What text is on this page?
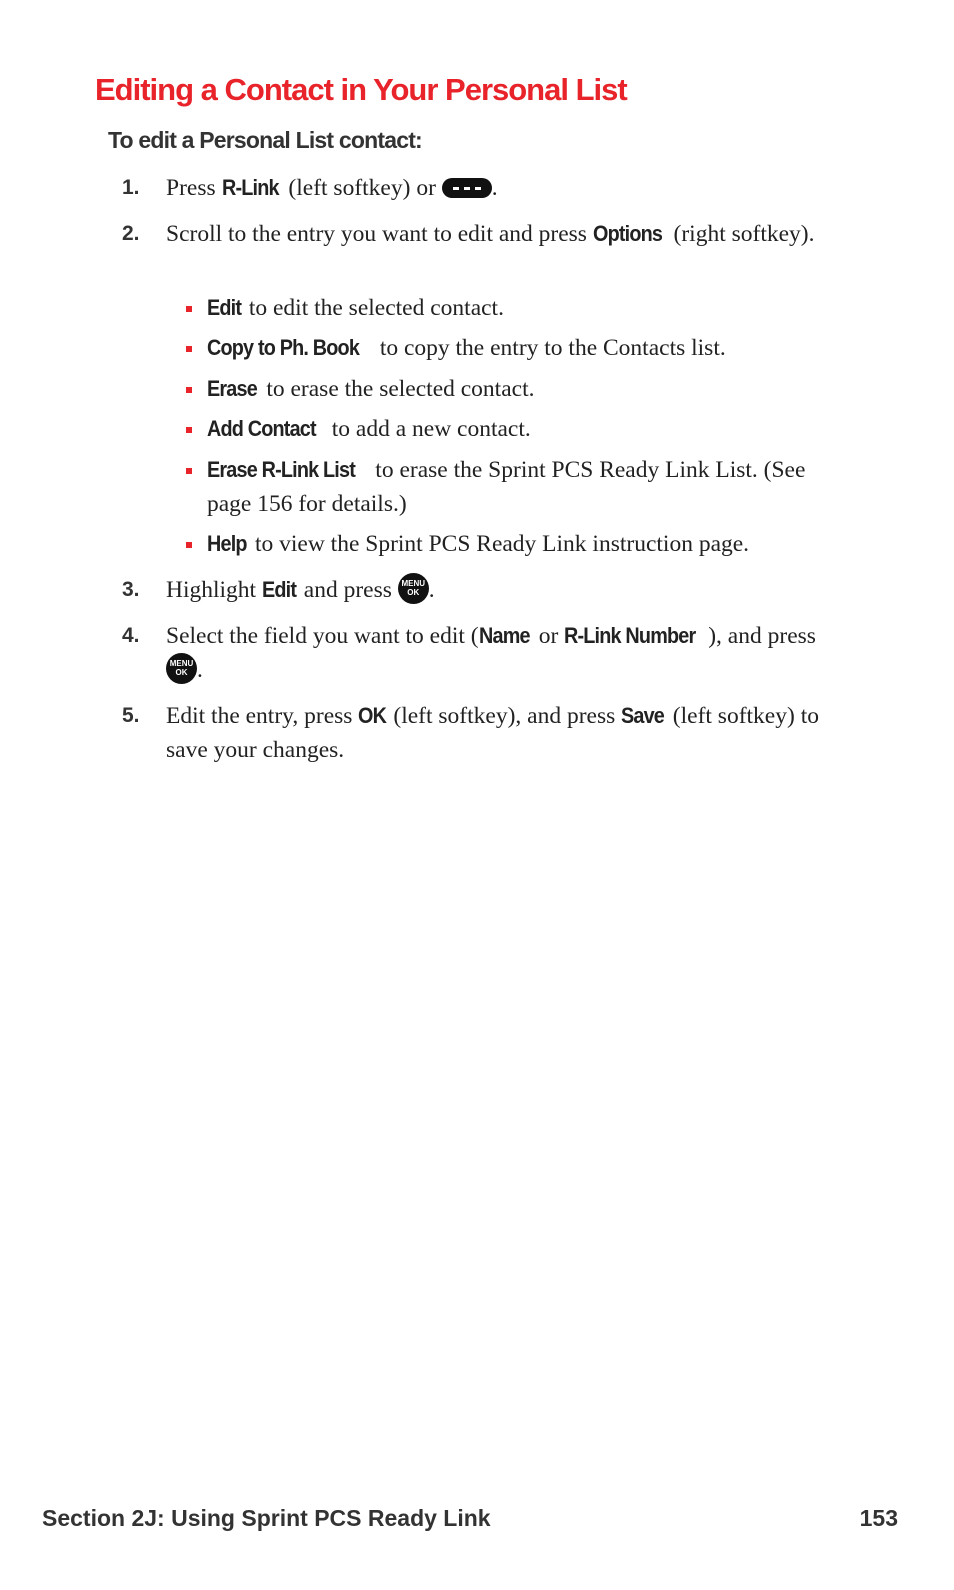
Editing a Contact in Your Personal List
To edit a Personal List contact:
1. Press R-Link (left softkey) or
.
2. Scroll to the entry you want to edit and press Options (right softkey).
Edit to edit the selected contact.
Copy to Ph. Book to copy the entry to the Contacts list.
Erase to erase the selected contact.
Add Contact to add a new contact.
Erase R-Link List to erase the Sprint PCS Ready Link List. (See page 156 for details.)
Help to view the Sprint PCS Ready Link instruction page.
3. Highlight Edit and press MENU
OK .
4. Select the field you want to edit (Name or R-Link Number ), and press
MENU
OK .
5. Edit the entry, press OK (left softkey), and press Save (left softkey) to save your changes.
Section 2J: Using Sprint PCS Ready Link	153
